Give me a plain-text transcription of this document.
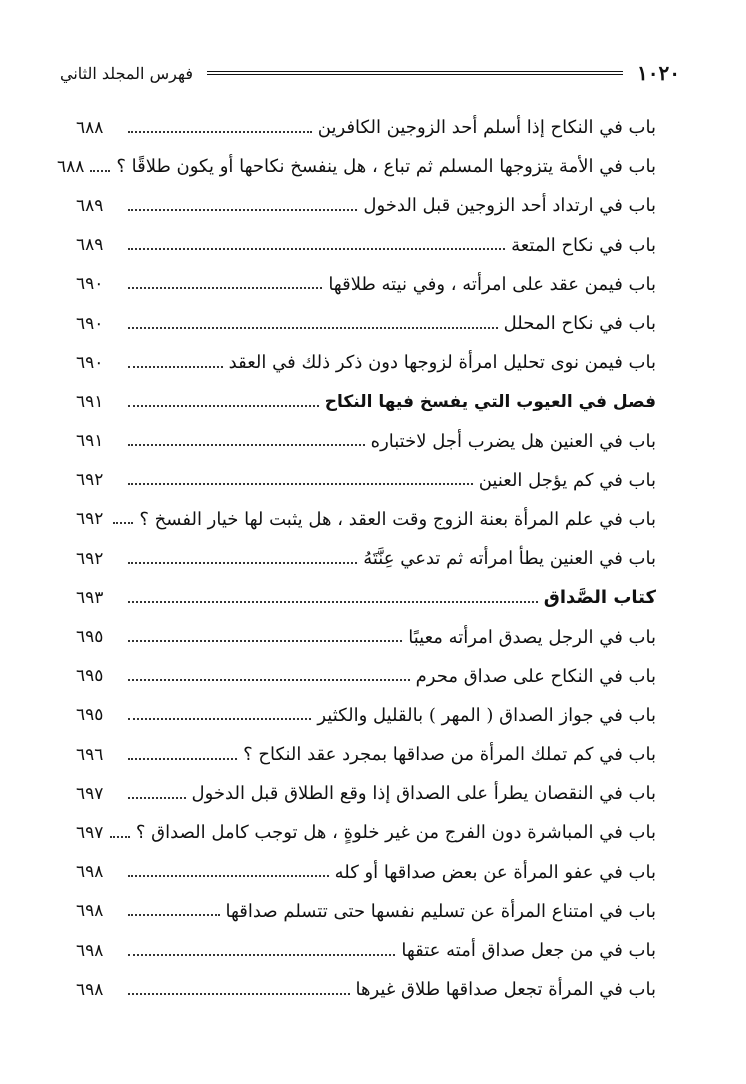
١٠٢٠
فهرس المجلد الثاني
باب في النكاح إذا أسلم أحد الزوجين الكافرين
٦٨٨
باب في الأمة يتزوجها المسلم ثم تباع ، هل ينفسخ نكاحها أو يكون طلاقًا ؟
٦٨٨
باب في ارتداد أحد الزوجين قبل الدخول
٦٨٩
باب في نكاح المتعة
٦٨٩
باب فيمن عقد على امرأته ، وفي نيته طلاقها
٦٩٠
باب في نكاح المحلل
٦٩٠
باب فيمن نوى تحليل امرأة لزوجها دون ذكر ذلك في العقد
٦٩٠
فصل في العيوب التي يفسخ فيها النكاح
٦٩١
باب في العنين هل يضرب أجل لاختباره
٦٩١
باب في كم يؤجل العنين
٦٩٢
باب في علم المرأة بعنة الزوج وقت العقد ، هل يثبت لها خيار الفسخ ؟
٦٩٢
باب في العنين يطأ امرأته ثم تدعي عِنَّتَهُ
٦٩٢
كتاب الصَّداق
٦٩٣
باب في الرجل يصدق امرأته معيبًا
٦٩٥
باب في النكاح على صداق محرم
٦٩٥
باب في جواز الصداق ( المهر ) بالقليل والكثير
٦٩٥
باب في كم تملك المرأة من صداقها بمجرد عقد النكاح ؟
٦٩٦
باب في النقصان يطرأ على الصداق إذا وقع الطلاق قبل الدخول
٦٩٧
باب في المباشرة دون الفرج من غير خلوةٍ ، هل توجب كامل الصداق ؟
٦٩٧
باب في عفو المرأة عن بعض صداقها أو كله
٦٩٨
باب في امتناع المرأة عن تسليم نفسها حتى تتسلم صداقها
٦٩٨
باب في من جعل صداق أمته عتقها
٦٩٨
باب في المرأة تجعل صداقها طلاق غيرها
٦٩٨
